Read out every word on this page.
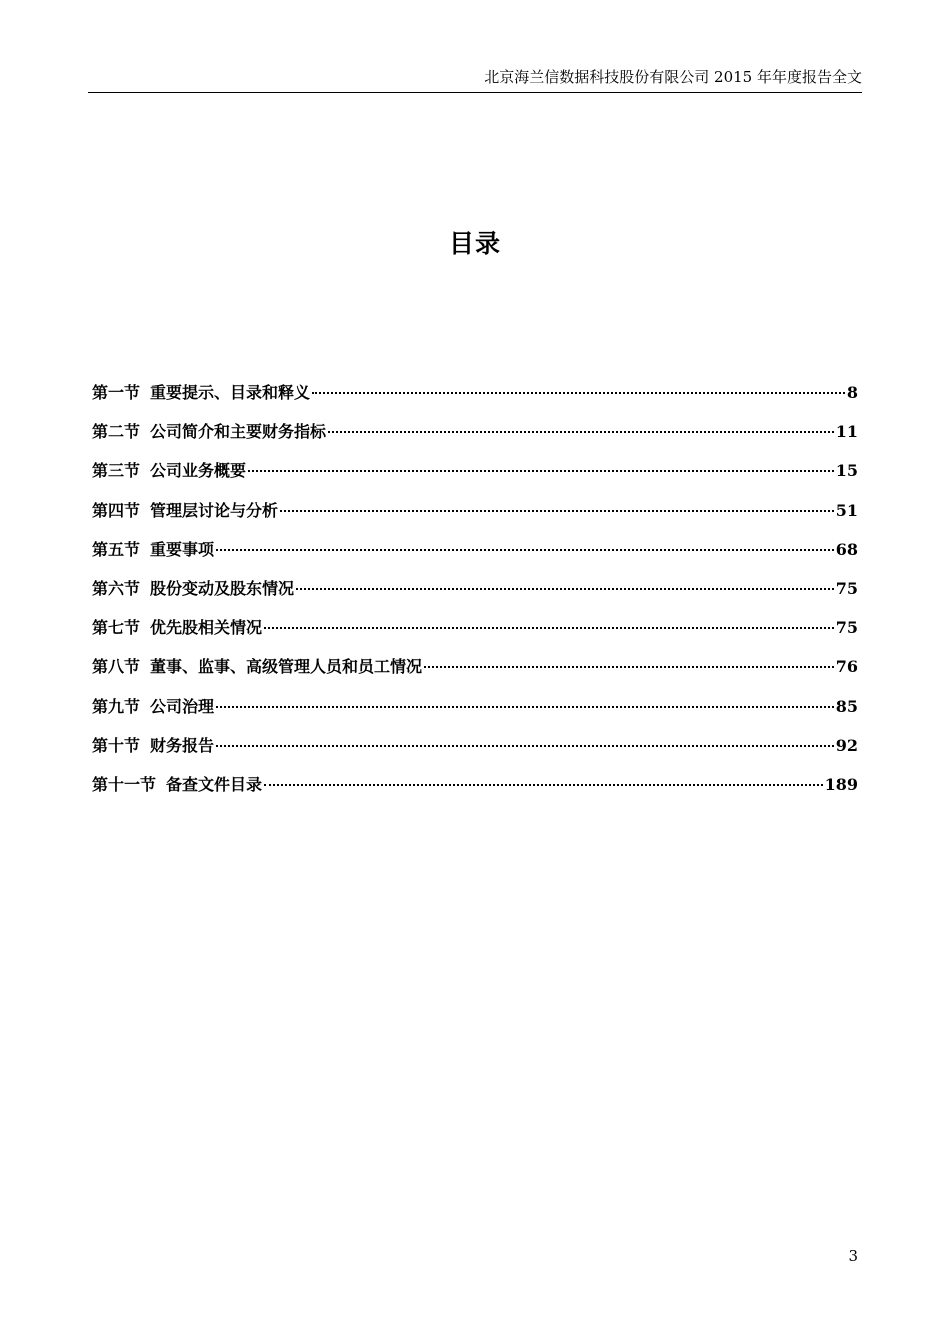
北京海兰信数据科技股份有限公司 2015 年年度报告全文
目录
第一节 重要提示、目录和释义	8
第二节 公司简介和主要财务指标	11
第三节 公司业务概要	15
第四节 管理层讨论与分析	51
第五节 重要事项	68
第六节 股份变动及股东情况	75
第七节 优先股相关情况	75
第八节 董事、监事、高级管理人员和员工情况	76
第九节 公司治理	85
第十节 财务报告	92
第十一节 备查文件目录	189
3
